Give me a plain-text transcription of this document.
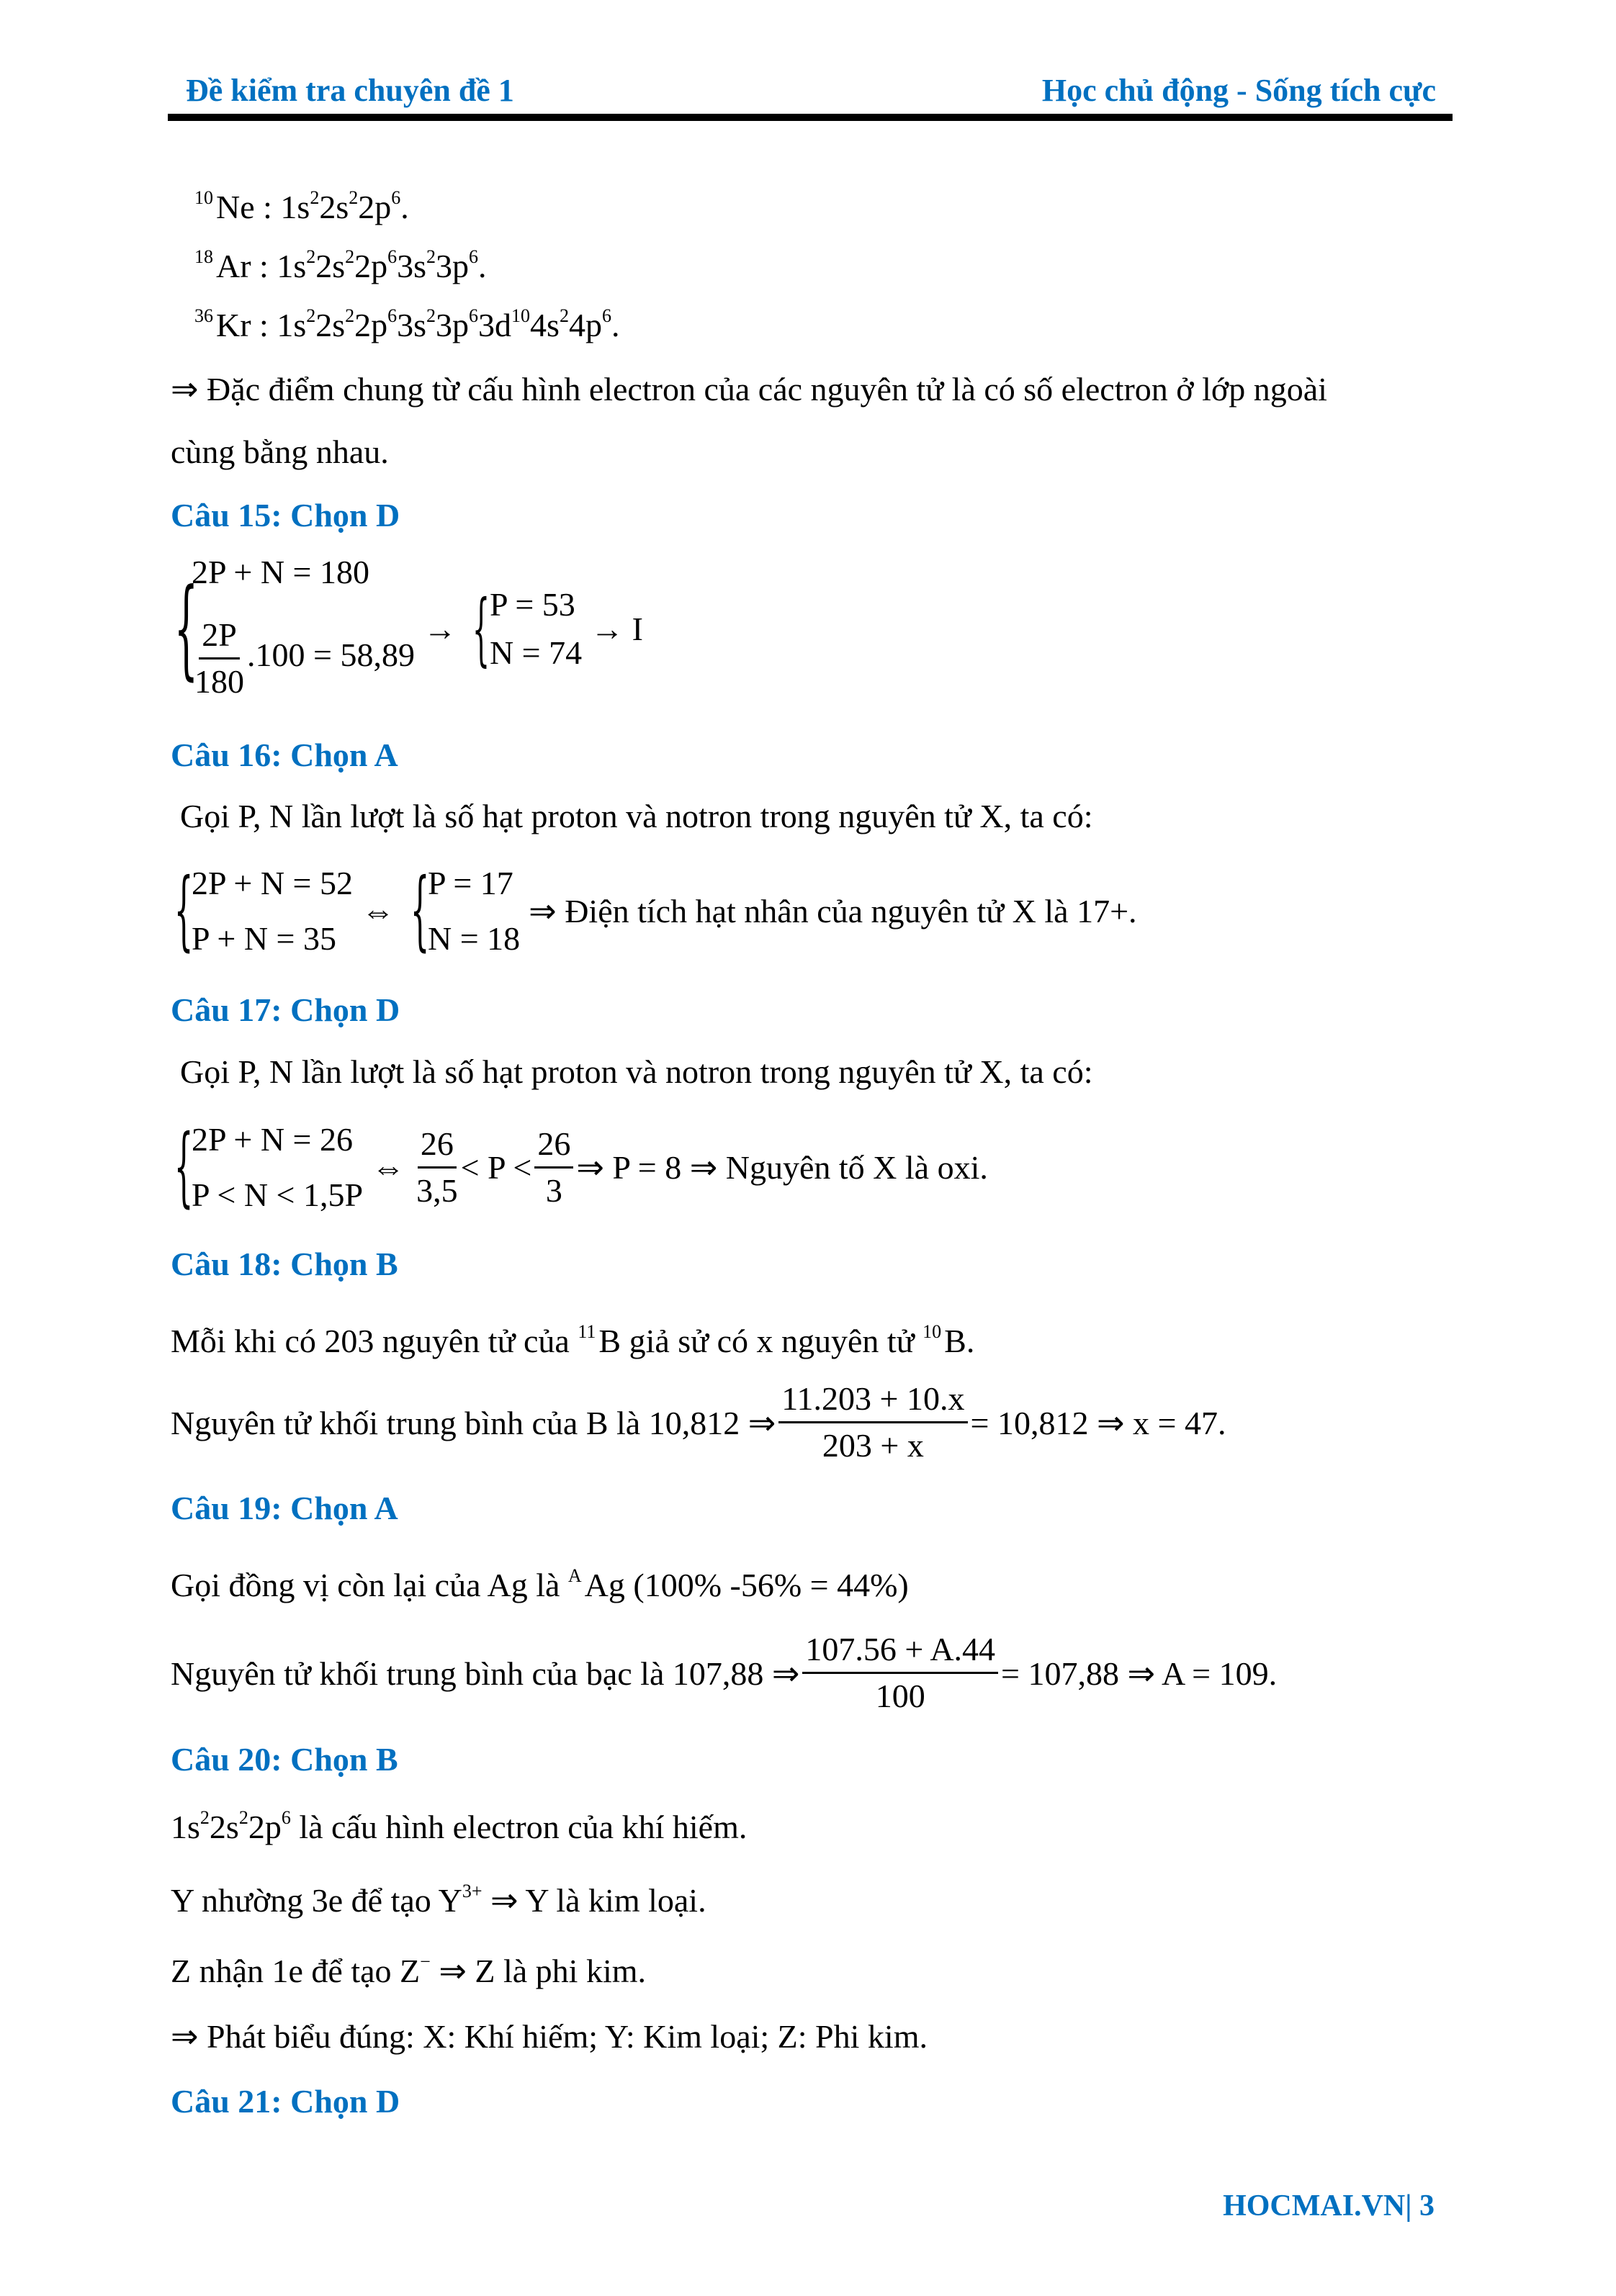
Đề kiểm tra chuyên đề 1	Học chủ động - Sống tích cực
$^{10}$Ne : $1s^22s^22p^6$.
$^{18}$Ar : $1s^22s^22p^63s^23p^6$.
$^{36}$Kr : $1s^22s^22p^63s^23p^63d^{10}4s^24p^6$.
⇒ Đặc điểm chung từ cấu hình electron của các nguyên tử là có số electron ở lớp ngoài
cùng bằng nhau.
Câu 15: Chọn D
{
2P + N = 180
$\frac{2P}{180} .100 = 58,89$
→ { P = 53
N = 74
→ I
Câu 16: Chọn A
Gọi P, N lần lượt là số hạt proton và notron trong nguyên tử X, ta có:
{
2P + N = 52
P + N = 35
⇔ {
P = 17
N = 18
⇒ Điện tích hạt nhân của nguyên tử X là 17+.
Câu 17: Chọn D
Gọi P, N lần lượt là số hạt proton và notron trong nguyên tử X, ta có:
{
2P + N = 26
P < N < 1,5P
⇔ $\frac{26}{3,5} < P < \frac{26}{3}$ ⇒ P = 8 ⇒ Nguyên tố X là oxi.
Câu 18: Chọn B
Mỗi khi có 203 nguyên tử của $^{11}$B giả sử có x nguyên tử $^{10}$B.
Nguyên tử khối trung bình của B là 10,812 ⇒ $\frac{11.203 + 10.x}{203 + x} = 10,812$ ⇒ x = 47.
Câu 19: Chọn A
Gọi đồng vị còn lại của Ag là $^A$Ag (100% -56% = 44%)
Nguyên tử khối trung bình của bạc là 107,88 ⇒ $\frac{107.56 + A.44}{100} = 107,88$ ⇒ A = 109.
Câu 20: Chọn B
$1s^22s^22p^6$ là cấu hình electron của khí hiếm.
Y nhường 3e để tạo $Y^{3+}$ ⇒ Y là kim loại.
Z nhận 1e để tạo Z− ⇒ Z là phi kim.
⇒ Phát biểu đúng: X: Khí hiếm; Y: Kim loại; Z: Phi kim.
Câu 21: Chọn D
HOCMAI.VN| 3
